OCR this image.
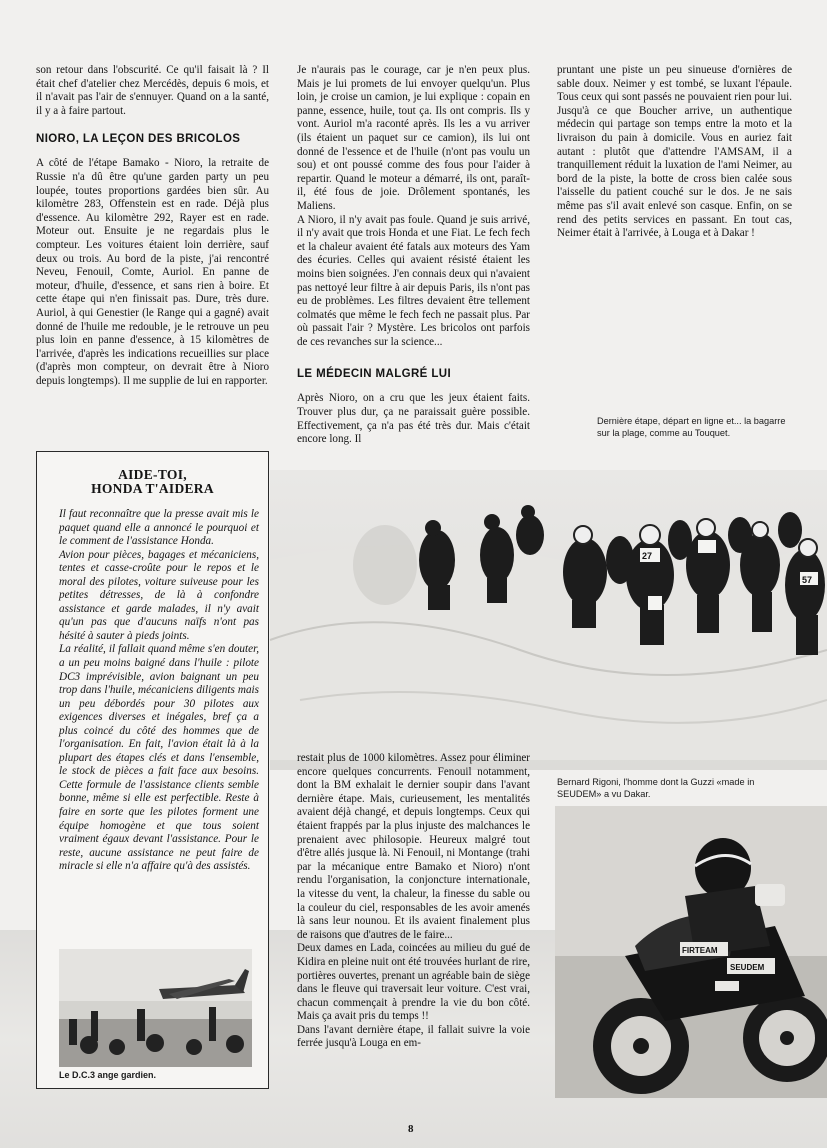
27
57
FIRTEAM
SEUDEM

son retour dans l'obscurité. Ce qu'il faisait là ? Il était chef d'atelier chez Mercédès, depuis 6 mois, et il n'avait pas l'air de s'ennuyer. Quand on a la santé, il y a à faire partout.

NIORO, LA LEÇON DES BRICOLOS

A côté de l'étape Bamako - Nioro, la retraite de Russie n'a dû être qu'une garden party un peu loupée, toutes proportions gardées bien sûr. Au kilomètre 283, Offenstein est en rade. Déjà plus d'essence. Au kilomètre 292, Rayer est en rade. Moteur out. Ensuite je ne regardais plus le compteur. Les voitures étaient loin derrière, sauf deux ou trois. Au bord de la piste, j'ai rencontré Neveu, Fenouil, Comte, Auriol. En panne de moteur, d'huile, d'essence, et sans rien à boire. Et cette étape qui n'en finissait pas. Dure, très dure. Auriol, à qui Genestier (le Range qui a gagné) avait donné de l'huile me redouble, je le retrouve un peu plus loin en panne d'essence, à 15 kilomètres de l'arrivée, d'après les indications recueillies sur place (d'après mon compteur, on devrait être à Nioro depuis longtemps). Il me supplie de lui en rapporter.

AIDE-TOI,
HONDA T'AIDERA

Il faut reconnaître que la presse avait mis le paquet quand elle a annoncé le pourquoi et le comment de l'assistance Honda.

Avion pour pièces, bagages et mécaniciens, tentes et casse-croûte pour le repos et le moral des pilotes, voiture suiveuse pour les petites détresses, de là à confondre assistance et garde malades, il n'y avait qu'un pas que d'aucuns naïfs n'ont pas hésité à sauter à pieds joints.

La réalité, il fallait quand même s'en douter, a un peu moins baigné dans l'huile : pilote DC3 imprévisible, avion baignant un peu trop dans l'huile, mécaniciens diligents mais un peu débordés pour 30 pilotes aux exigences diverses et inégales, bref ça a plus coincé du côté des hommes que de l'organisation. En fait, l'avion était là à la plupart des étapes clés et dans l'ensemble, le stock de pièces a fait face aux besoins. Cette formule de l'assistance clients semble bonne, même si elle est perfectible. Reste à faire en sorte que les pilotes forment une équipe homogène et que tous soient vraiment égaux devant l'assistance. Pour le reste, aucune assistance ne peut faire de miracle si elle n'a affaire qu'à des assistés.

Le D.C.3 ange gardien.

Je n'aurais pas le courage, car je n'en peux plus. Mais je lui promets de lui envoyer quelqu'un. Plus loin, je croise un camion, je lui explique : copain en panne, essence, huile, tout ça. Ils ont compris. Ils y vont. Auriol m'a raconté après. Ils les a vu arriver (ils étaient un paquet sur ce camion), ils lui ont donné de l'essence et de l'huile (n'ont pas voulu un sou) et ont poussé comme des fous pour l'aider à repartir. Quand le moteur a démarré, ils ont, paraît-il, été fous de joie. Drôlement spontanés, les Maliens.

A Nioro, il n'y avait pas foule. Quand je suis arrivé, il n'y avait que trois Honda et une Fiat. Le fech fech et la chaleur avaient été fatals aux moteurs des Yam des écuries. Celles qui avaient résisté étaient les moins bien soignées. J'en connais deux qui n'avaient pas nettoyé leur filtre à air depuis Paris, ils n'ont pas eu de problèmes. Les filtres devaient être tellement colmatés que même le fech fech ne passait plus. Par où passait l'air ? Mystère. Les bricolos ont parfois de ces revanches sur la science...

LE MÉDECIN MALGRÉ LUI

Après Nioro, on a cru que les jeux étaient faits. Trouver plus dur, ça ne paraissait guère possible. Effectivement, ça n'a pas été très dur. Mais c'était encore long. Il

restait plus de 1000 kilomètres. Assez pour éliminer encore quelques concurrents. Fenouil notamment, dont la BM exhalait le dernier soupir dans l'avant dernière étape. Mais, curieusement, les mentalités avaient déjà changé, et depuis longtemps. Ceux qui étaient frappés par la plus injuste des malchances le prenaient avec philosopie. Heureux malgré tout d'être allés jusque là. Ni Fenouil, ni Montange (trahi par la mécanique entre Bamako et Nioro) n'ont rendu l'organisation, la conjoncture internationale, la vitesse du vent, la chaleur, la finesse du sable ou la couleur du ciel, responsables de les avoir amenés là sans leur nounou. Et ils avaient finalement plus de raisons que d'autres de le faire...

Deux dames en Lada, coincées au milieu du gué de Kidira en pleine nuit ont été trouvées hurlant de rire, portières ouvertes, prenant un agréable bain de siège dans le fleuve qui traversait leur voiture. C'est vrai, chacun commençait à prendre la vie du bon côté. Mais ça avait pris du temps !!

Dans l'avant dernière étape, il fallait suivre la voie ferrée jusqu'à Louga en em-

pruntant une piste un peu sinueuse d'ornières de sable doux. Neimer y est tombé, se luxant l'épaule. Tous ceux qui sont passés ne pouvaient rien pour lui. Jusqu'à ce que Boucher arrive, un authentique médecin qui partage son temps entre la moto et la livraison du pain à domicile. Vous en auriez fait autant : plutôt que d'attendre l'AMSAM, il a tranquillement réduit la luxation de l'ami Neimer, au bord de la piste, la botte de cross bien calée sous l'aisselle du patient couché sur le dos. Je ne sais même pas s'il avait enlevé son casque. Enfin, on se rend des petits services en passant. En tout cas, Neimer était à l'arrivée, à Louga et à Dakar !

Dernière étape, départ en ligne et... la bagarre sur la plage, comme au Touquet.
Bernard Rigoni, l'homme dont la Guzzi «made in SEUDEM» a vu Dakar.
8
